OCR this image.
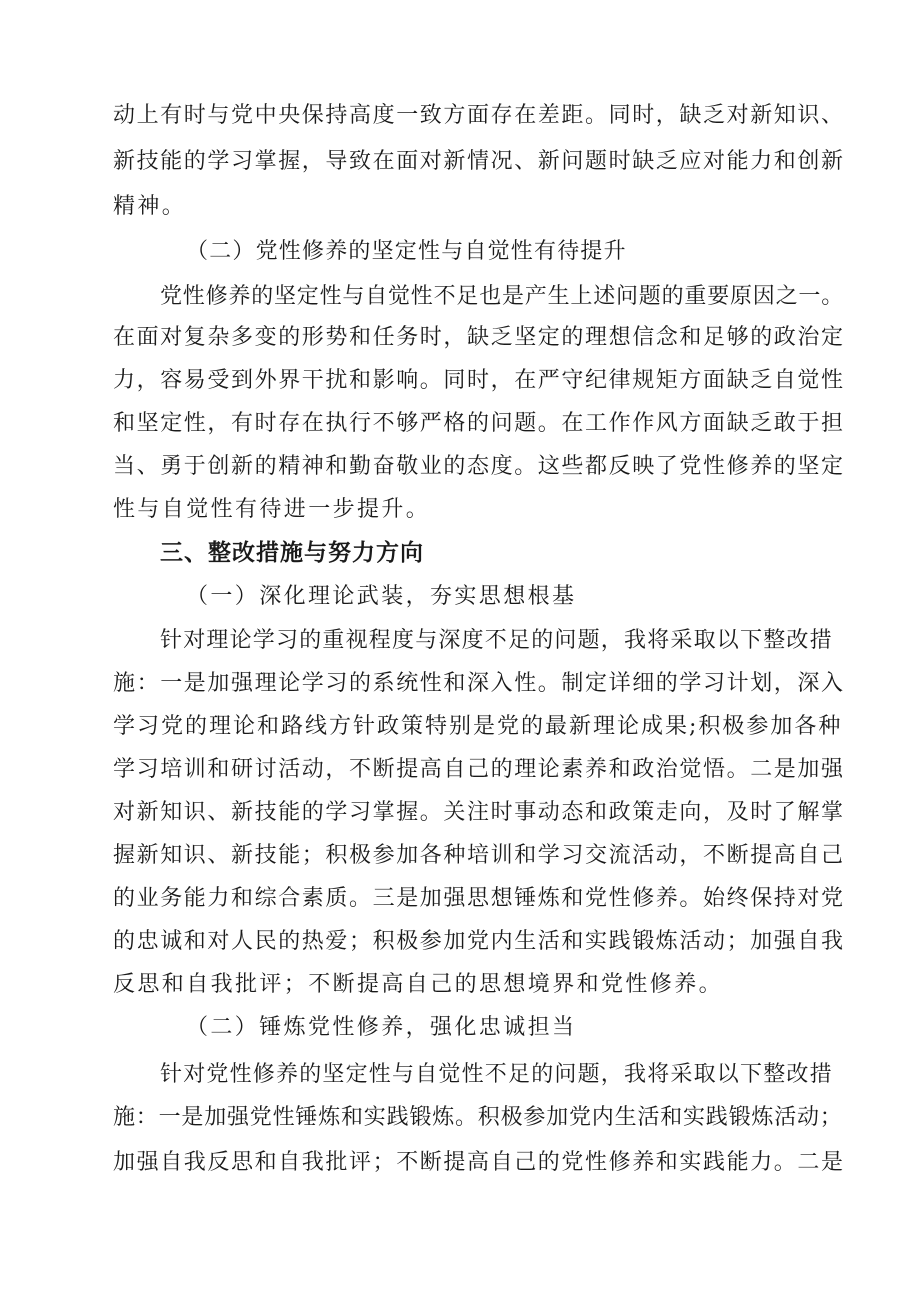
动上有时与党中央保持高度一致方面存在差距。同时，缺乏对新知识、
新技能的学习掌握，导致在面对新情况、新问题时缺乏应对能力和创新
精神。
（二）党性修养的坚定性与自觉性有待提升
党性修养的坚定性与自觉性不足也是产生上述问题的重要原因之一。
在面对复杂多变的形势和任务时，缺乏坚定的理想信念和足够的政治定
力，容易受到外界干扰和影响。同时，在严守纪律规矩方面缺乏自觉性
和坚定性，有时存在执行不够严格的问题。在工作作风方面缺乏敢于担
当、勇于创新的精神和勤奋敬业的态度。这些都反映了党性修养的坚定
性与自觉性有待进一步提升。
三、整改措施与努力方向
（一）深化理论武装，夯实思想根基
针对理论学习的重视程度与深度不足的问题，我将采取以下整改措
施：一是加强理论学习的系统性和深入性。制定详细的学习计划，深入
学习党的理论和路线方针政策特别是党的最新理论成果;积极参加各种
学习培训和研讨活动，不断提高自己的理论素养和政治觉悟。二是加强
对新知识、新技能的学习掌握。关注时事动态和政策走向，及时了解掌
握新知识、新技能；积极参加各种培训和学习交流活动，不断提高自己
的业务能力和综合素质。三是加强思想锤炼和党性修养。始终保持对党
的忠诚和对人民的热爱；积极参加党内生活和实践锻炼活动；加强自我
反思和自我批评；不断提高自己的思想境界和党性修养。
（二）锤炼党性修养，强化忠诚担当
针对党性修养的坚定性与自觉性不足的问题，我将采取以下整改措
施：一是加强党性锤炼和实践锻炼。积极参加党内生活和实践锻炼活动；
加强自我反思和自我批评；不断提高自己的党性修养和实践能力。二是
